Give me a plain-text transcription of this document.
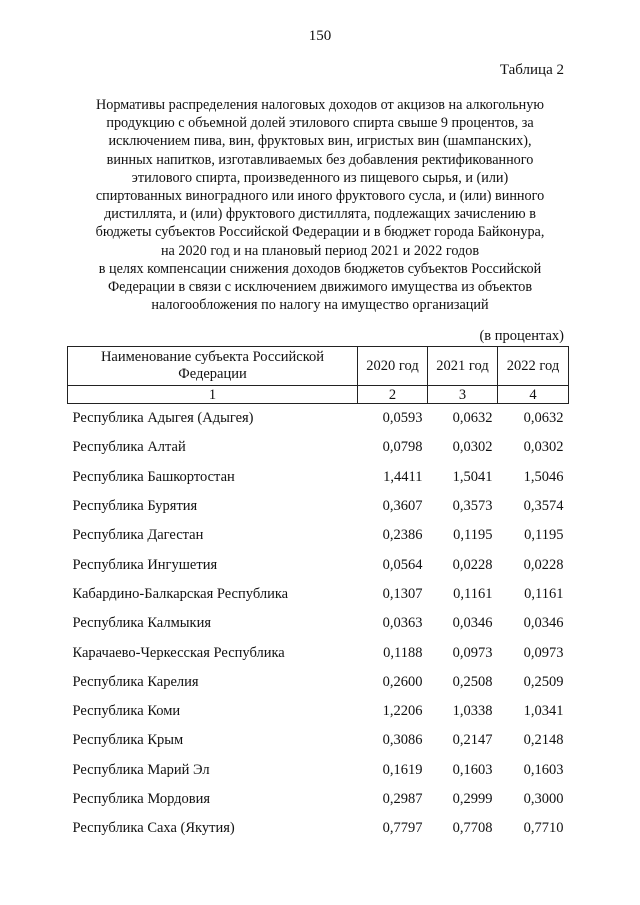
150
Таблица 2
Нормативы распределения налоговых доходов от акцизов на алкогольную
продукцию с объемной долей этилового спирта свыше 9 процентов, за
исключением пива, вин, фруктовых вин, игристых вин (шампанских),
винных напитков, изготавливаемых без добавления ректификованного
этилового спирта, произведенного из пищевого сырья, и (или)
спиртованных виноградного или иного фруктового сусла, и (или) винного
дистиллята, и (или) фруктового дистиллята, подлежащих зачислению в
бюджеты субъектов Российской Федерации и в бюджет города Байконура,
на 2020 год и на плановый период 2021 и 2022 годов
в целях компенсации снижения доходов бюджетов субъектов Российской
Федерации в связи с исключением движимого имущества из объектов
налогообложения по налогу на имущество организаций
(в процентах)
Наименование субъекта Российской Федерации	2020 год	2021 год	2022 год
1	2	3	4
Республика Адыгея (Адыгея)	0,0593	0,0632	0,0632
Республика Алтай	0,0798	0,0302	0,0302
Республика Башкортостан	1,4411	1,5041	1,5046
Республика Бурятия	0,3607	0,3573	0,3574
Республика Дагестан	0,2386	0,1195	0,1195
Республика Ингушетия	0,0564	0,0228	0,0228
Кабардино-Балкарская Республика	0,1307	0,1161	0,1161
Республика Калмыкия	0,0363	0,0346	0,0346
Карачаево-Черкесская Республика	0,1188	0,0973	0,0973
Республика Карелия	0,2600	0,2508	0,2509
Республика Коми	1,2206	1,0338	1,0341
Республика Крым	0,3086	0,2147	0,2148
Республика Марий Эл	0,1619	0,1603	0,1603
Республика Мордовия	0,2987	0,2999	0,3000
Республика Саха (Якутия)	0,7797	0,7708	0,7710
